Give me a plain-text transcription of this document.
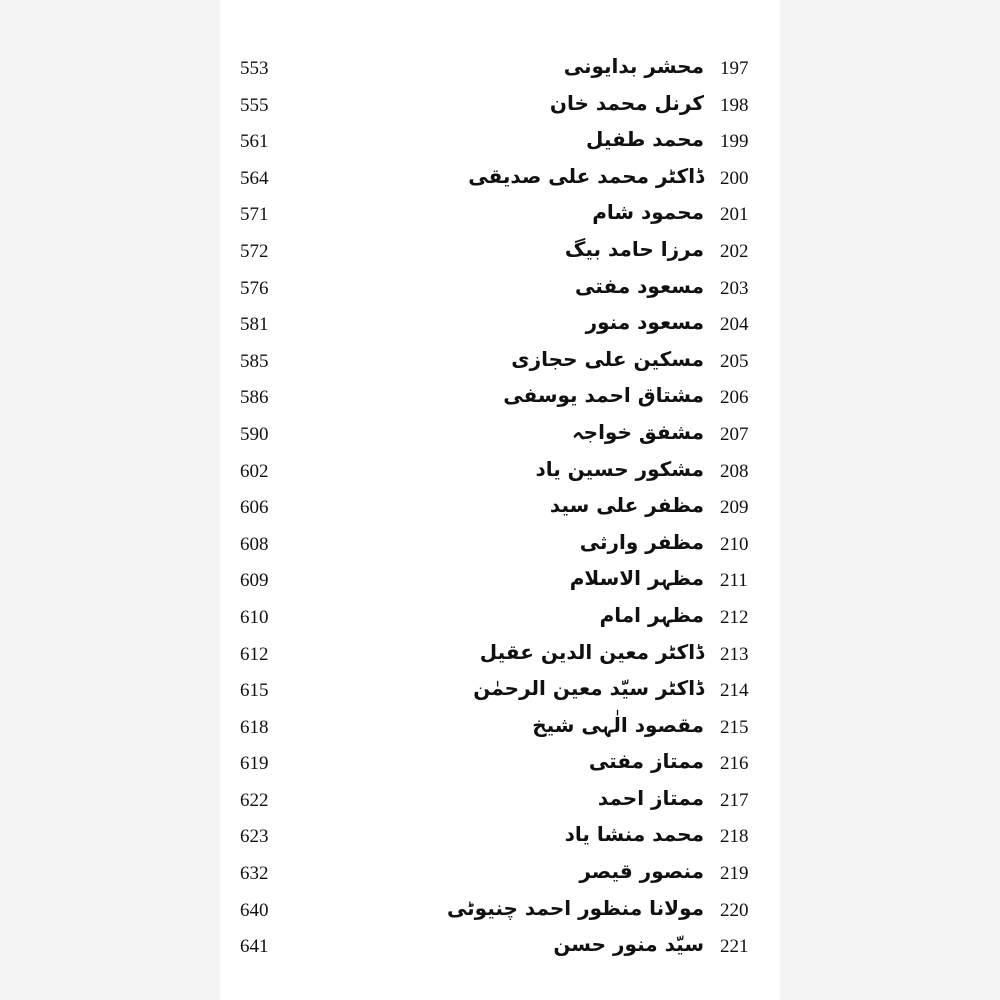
553	محشر بدایونی 197
555	کرنل محمد خان 198
561	محمد طفیل 199
564	ڈاکٹر محمد علی صدیقی 200
571	محمود شام 201
572	مرزا حامد بیگ 202
576	مسعود مفتی 203
581	مسعود منور 204
585	مسکین علی حجازی 205
586	مشتاق احمد یوسفی 206
590	مشفق خواجہ 207
602	مشکور حسین یاد 208
606	مظفر علی سید 209
608	مظفر وارثی 210
609	مظہر الاسلام 211
610	مظہر امام 212
612	ڈاکٹر معین الدین عقیل 213
615	ڈاکٹر سیّد معین الرحمٰن 214
618	مقصود الٰہی شیخ 215
619	ممتاز مفتی 216
622	ممتاز احمد 217
623	محمد منشا یاد 218
632	منصور قیصر 219
640	مولانا منظور احمد چنیوٹی 220
641	سیّد منور حسن 221
